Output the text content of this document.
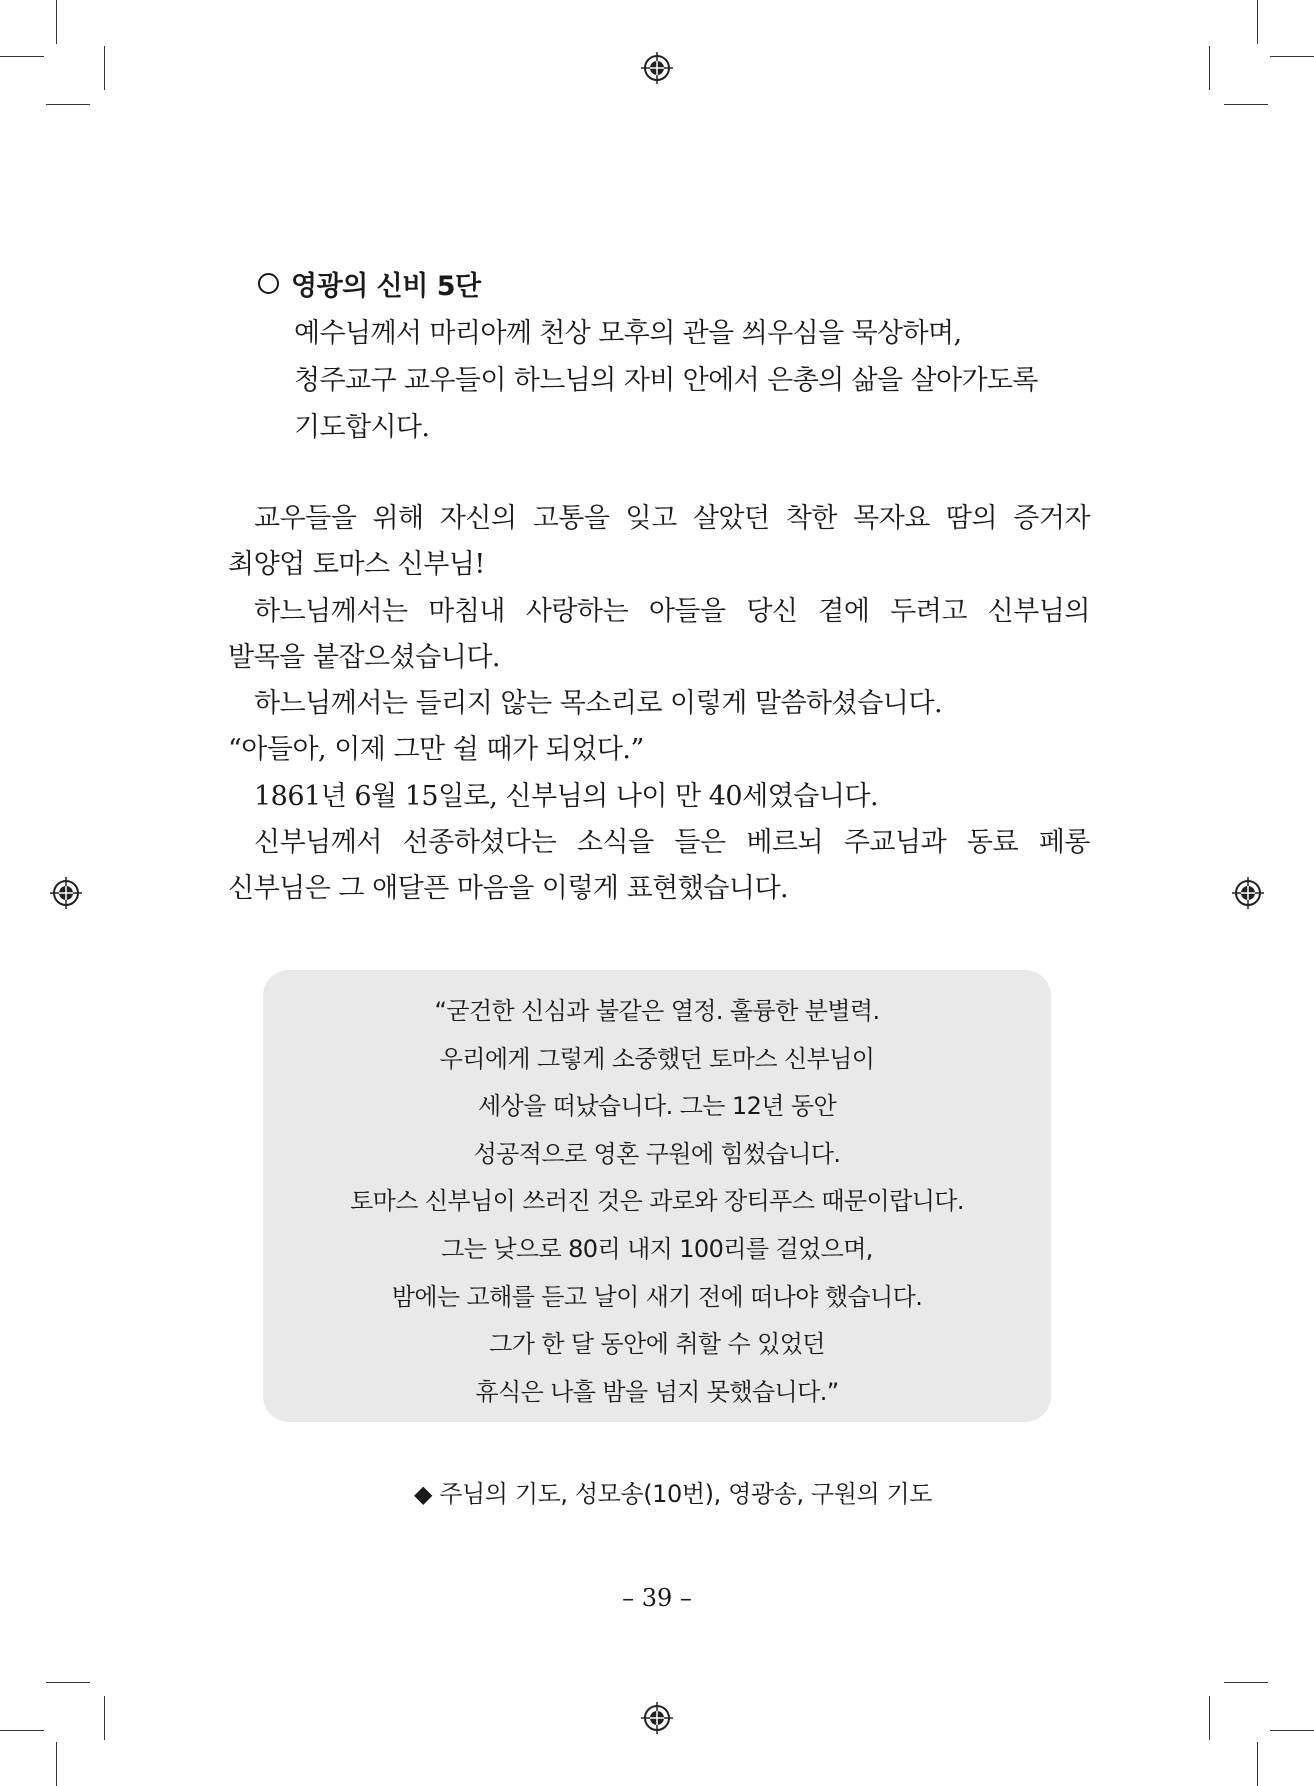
영광의 신비 5단
예수님께서 마리아께 천상 모후의 관을 씌우심을 묵상하며,
청주교구 교우들이 하느님의 자비 안에서 은총의 삶을 살아가도록
기도합시다.
교우들을 위해 자신의 고통을 잊고 살았던 착한 목자요 땀의 증거자
최양업 토마스 신부님!
하느님께서는 마침내 사랑하는 아들을 당신 곁에 두려고 신부님의
발목을 붙잡으셨습니다.
하느님께서는 들리지 않는 목소리로 이렇게 말씀하셨습니다.
“아들아, 이제 그만 쉴 때가 되었다.”
1861년 6월 15일로, 신부님의 나이 만 40세였습니다.
신부님께서 선종하셨다는 소식을 들은 베르뇌 주교님과 동료 페롱
신부님은 그 애달픈 마음을 이렇게 표현했습니다.
“굳건한 신심과 불같은 열정. 훌륭한 분별력.
우리에게 그렇게 소중했던 토마스 신부님이
세상을 떠났습니다. 그는 12년 동안
성공적으로 영혼 구원에 힘썼습니다.
토마스 신부님이 쓰러진 것은 과로와 장티푸스 때문이랍니다.
그는 낮으로 80리 내지 100리를 걸었으며,
밤에는 고해를 듣고 날이 새기 전에 떠나야 했습니다.
그가 한 달 동안에 취할 수 있었던
휴식은 나흘 밤을 넘지 못했습니다.”
◆ 주님의 기도, 성모송(10번), 영광송, 구원의 기도
– 39 –
